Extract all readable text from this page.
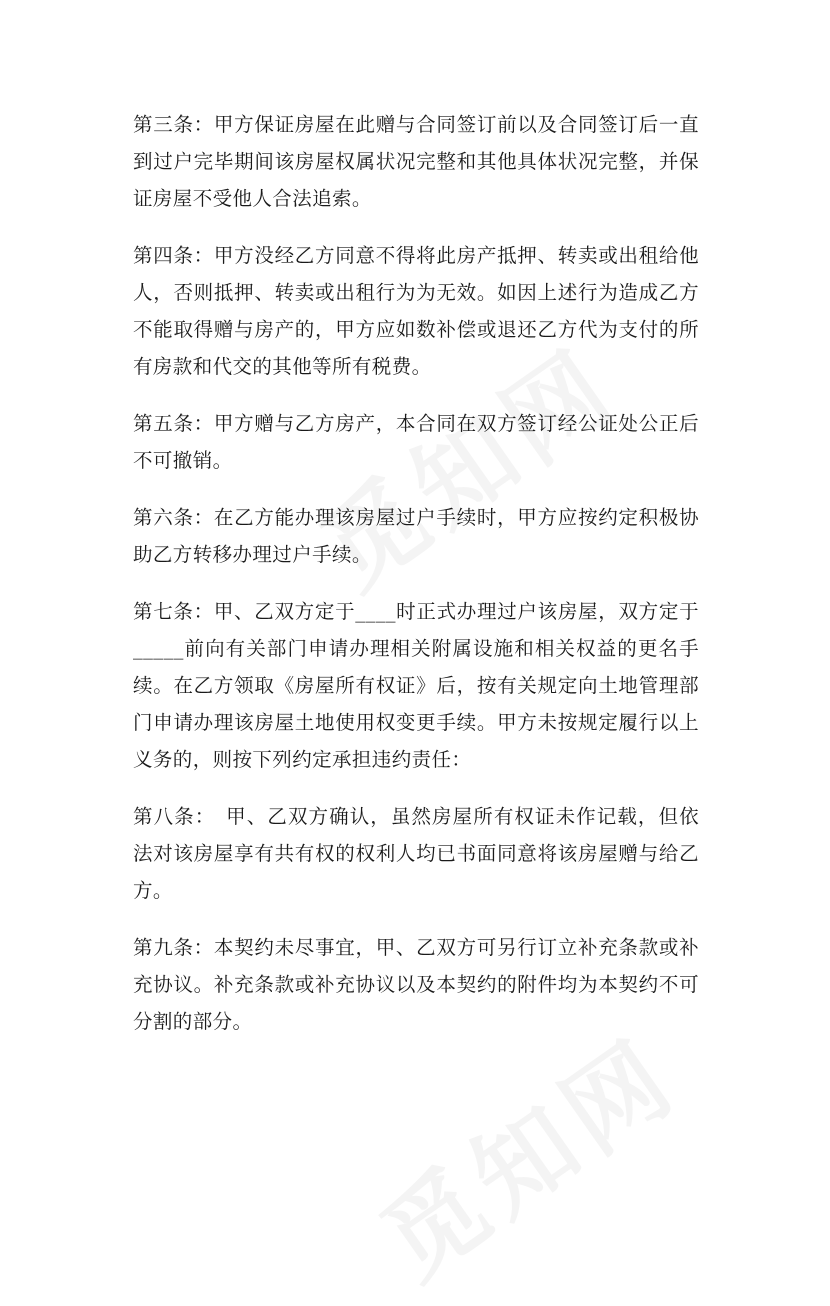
第三条：甲方保证房屋在此赠与合同签订前以及合同签订后一直到过户完毕期间该房屋权属状况完整和其他具体状况完整，并保证房屋不受他人合法追索。

第四条：甲方没经乙方同意不得将此房产抵押、转卖或出租给他人，否则抵押、转卖或出租行为为无效。如因上述行为造成乙方不能取得赠与房产的，甲方应如数补偿或退还乙方代为支付的所有房款和代交的其他等所有税费。

第五条：甲方赠与乙方房产，本合同在双方签订经公证处公正后不可撤销。

第六条：在乙方能办理该房屋过户手续时，甲方应按约定积极协助乙方转移办理过户手续。

第七条：甲、乙双方定于____时正式办理过户该房屋，双方定于_____前向有关部门申请办理相关附属设施和相关权益的更名手续。在乙方领取《房屋所有权证》后，按有关规定向土地管理部门申请办理该房屋土地使用权变更手续。甲方未按规定履行以上义务的，则按下列约定承担违约责任：

第八条：　甲、乙双方确认，虽然房屋所有权证未作记载，但依法对该房屋享有共有权的权利人均已书面同意将该房屋赠与给乙方。

第九条：本契约未尽事宜，甲、乙双方可另行订立补充条款或补充协议。补充条款或补充协议以及本契约的附件均为本契约不可分割的部分。
